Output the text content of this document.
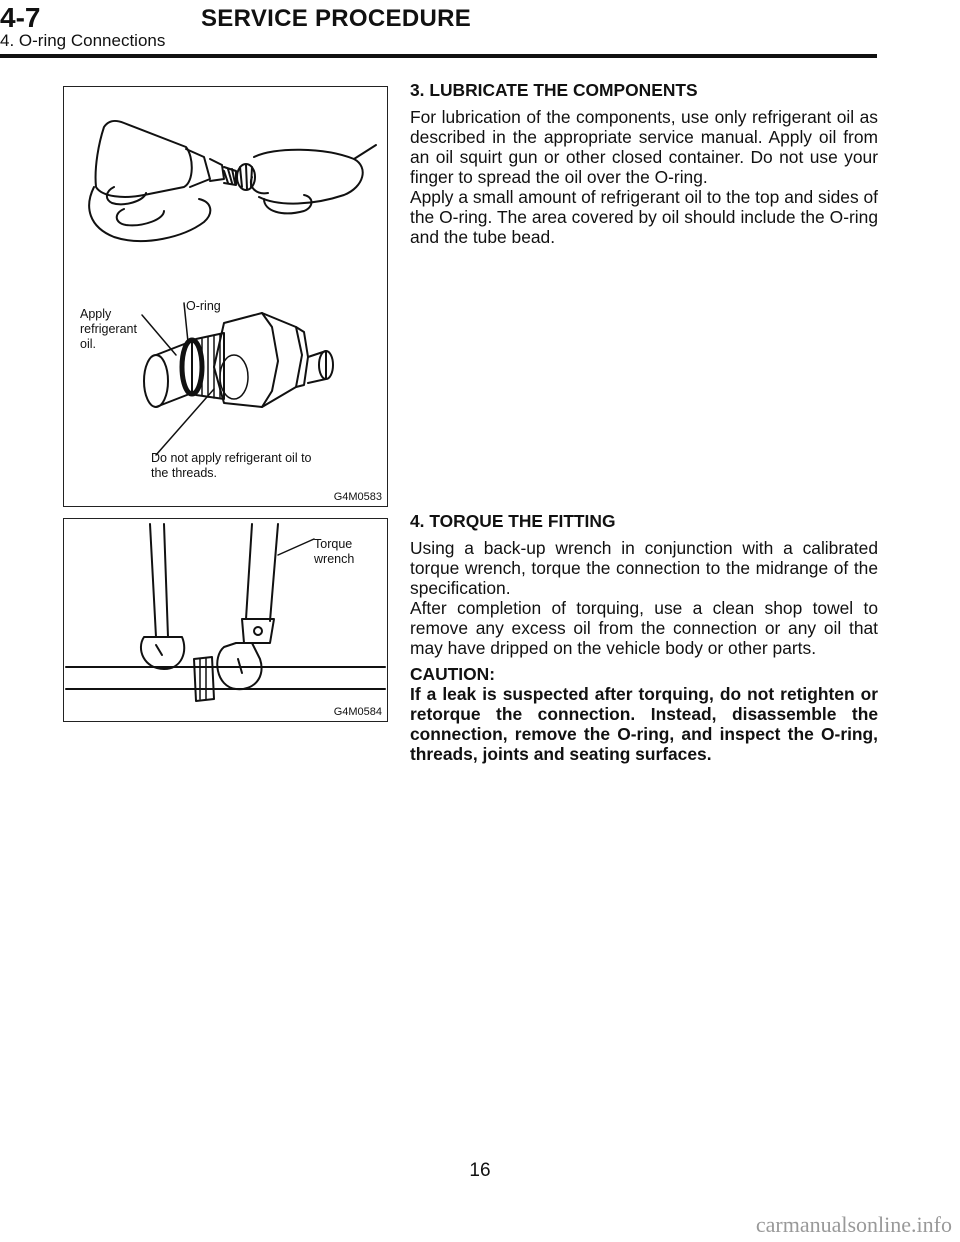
4-7	SERVICE PROCEDURE
4. O-ring Connections
Apply
refrigerant
oil.
O-ring
Do not apply refrigerant oil to
the threads.
G4M0583

3. LUBRICATE THE COMPONENTS

For lubrication of the components, use only refrigerant oil as described in the appropriate service manual. Apply oil from an oil squirt gun or other closed container. Do not use your finger to spread the oil over the O-ring.

Apply a small amount of refrigerant oil to the top and sides of the O-ring. The area covered by oil should include the O-ring and the tube bead.

Torque
wrench
G4M0584

4. TORQUE THE FITTING

Using a back-up wrench in conjunction with a calibrated torque wrench, torque the connection to the midrange of the specification.

After completion of torquing, use a clean shop towel to remove any excess oil from the connection or any oil that may have dripped on the vehicle body or other parts.

CAUTION:

If a leak is suspected after torquing, do not retighten or retorque the connection. Instead, disassemble the connection, remove the O-ring, and inspect the O-ring, threads, joints and seating surfaces.

16
carmanualsonline.info
